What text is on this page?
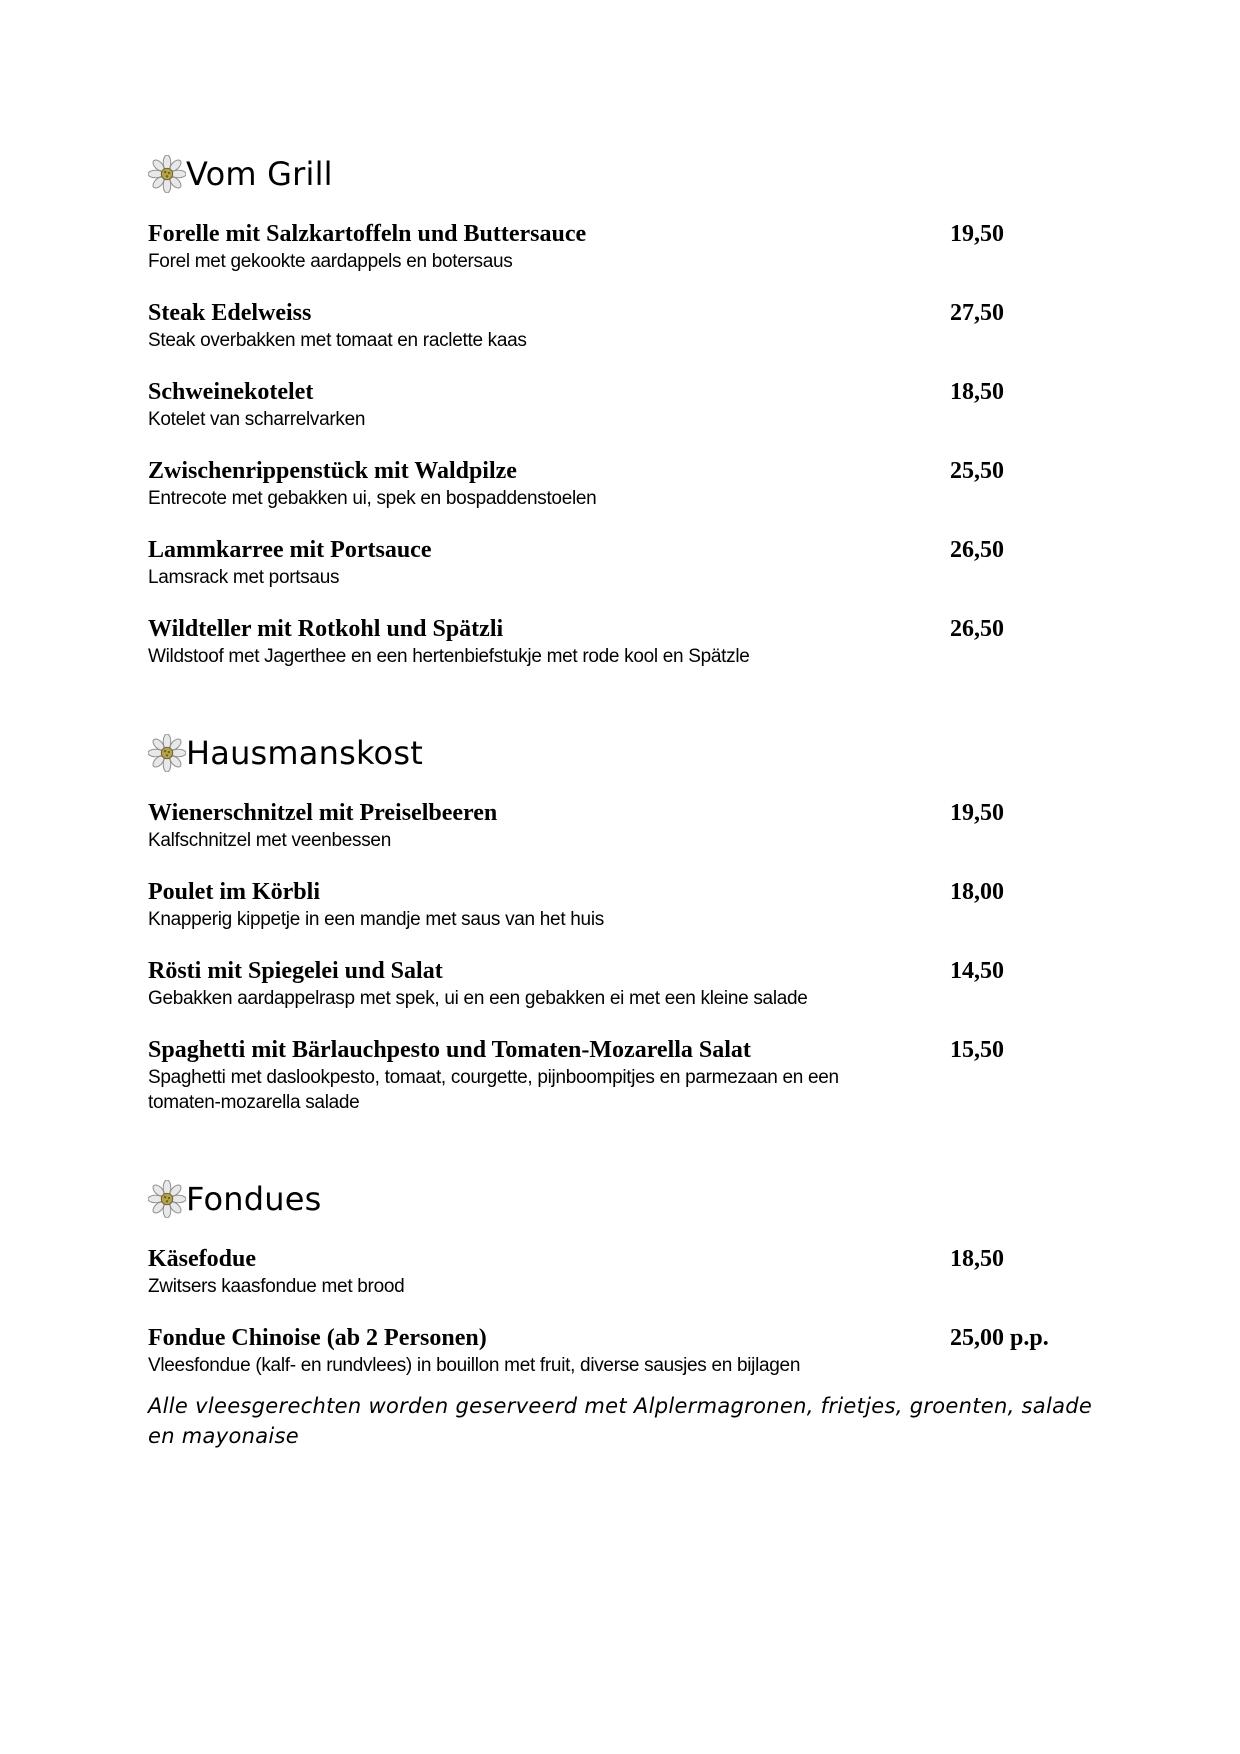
Vom Grill
Forelle mit Salzkartoffeln und Buttersauce	19,50
Forel met gekookte aardappels en botersaus
Steak Edelweiss	27,50
Steak overbakken met tomaat en raclette kaas
Schweinekotelet	18,50
Kotelet van scharrelvarken
Zwischenrippenstück mit Waldpilze	25,50
Entrecote met gebakken ui, spek en bospaddenstoelen
Lammkarree mit Portsauce	26,50
Lamsrack met portsaus
Wildteller mit Rotkohl und Spätzli	26,50
Wildstoof met Jagerthee en een hertenbiefstukje met rode kool en Spätzle
Hausmanskost
Wienerschnitzel mit Preiselbeeren	19,50
Kalfschnitzel met veenbessen
Poulet im Körbli	18,00
Knapperig kippetje in een mandje met saus van het huis
Rösti mit Spiegelei und Salat	14,50
Gebakken aardappelrasp met spek, ui en een gebakken ei met een kleine salade
Spaghetti mit Bärlauchpesto und Tomaten-Mozarella Salat	15,50
Spaghetti met daslookpesto, tomaat, courgette, pijnboompitjes en parmezaan en een tomaten-mozarella salade
Fondues
Käsefodue	18,50
Zwitsers kaasfondue met brood
Fondue Chinoise (ab 2 Personen)	25,00 p.p.
Vleesfondue (kalf- en rundvlees) in bouillon met fruit, diverse sausjes en bijlagen
Alle vleesgerechten worden geserveerd met Alplermagronen, frietjes, groenten, salade en mayonaise
